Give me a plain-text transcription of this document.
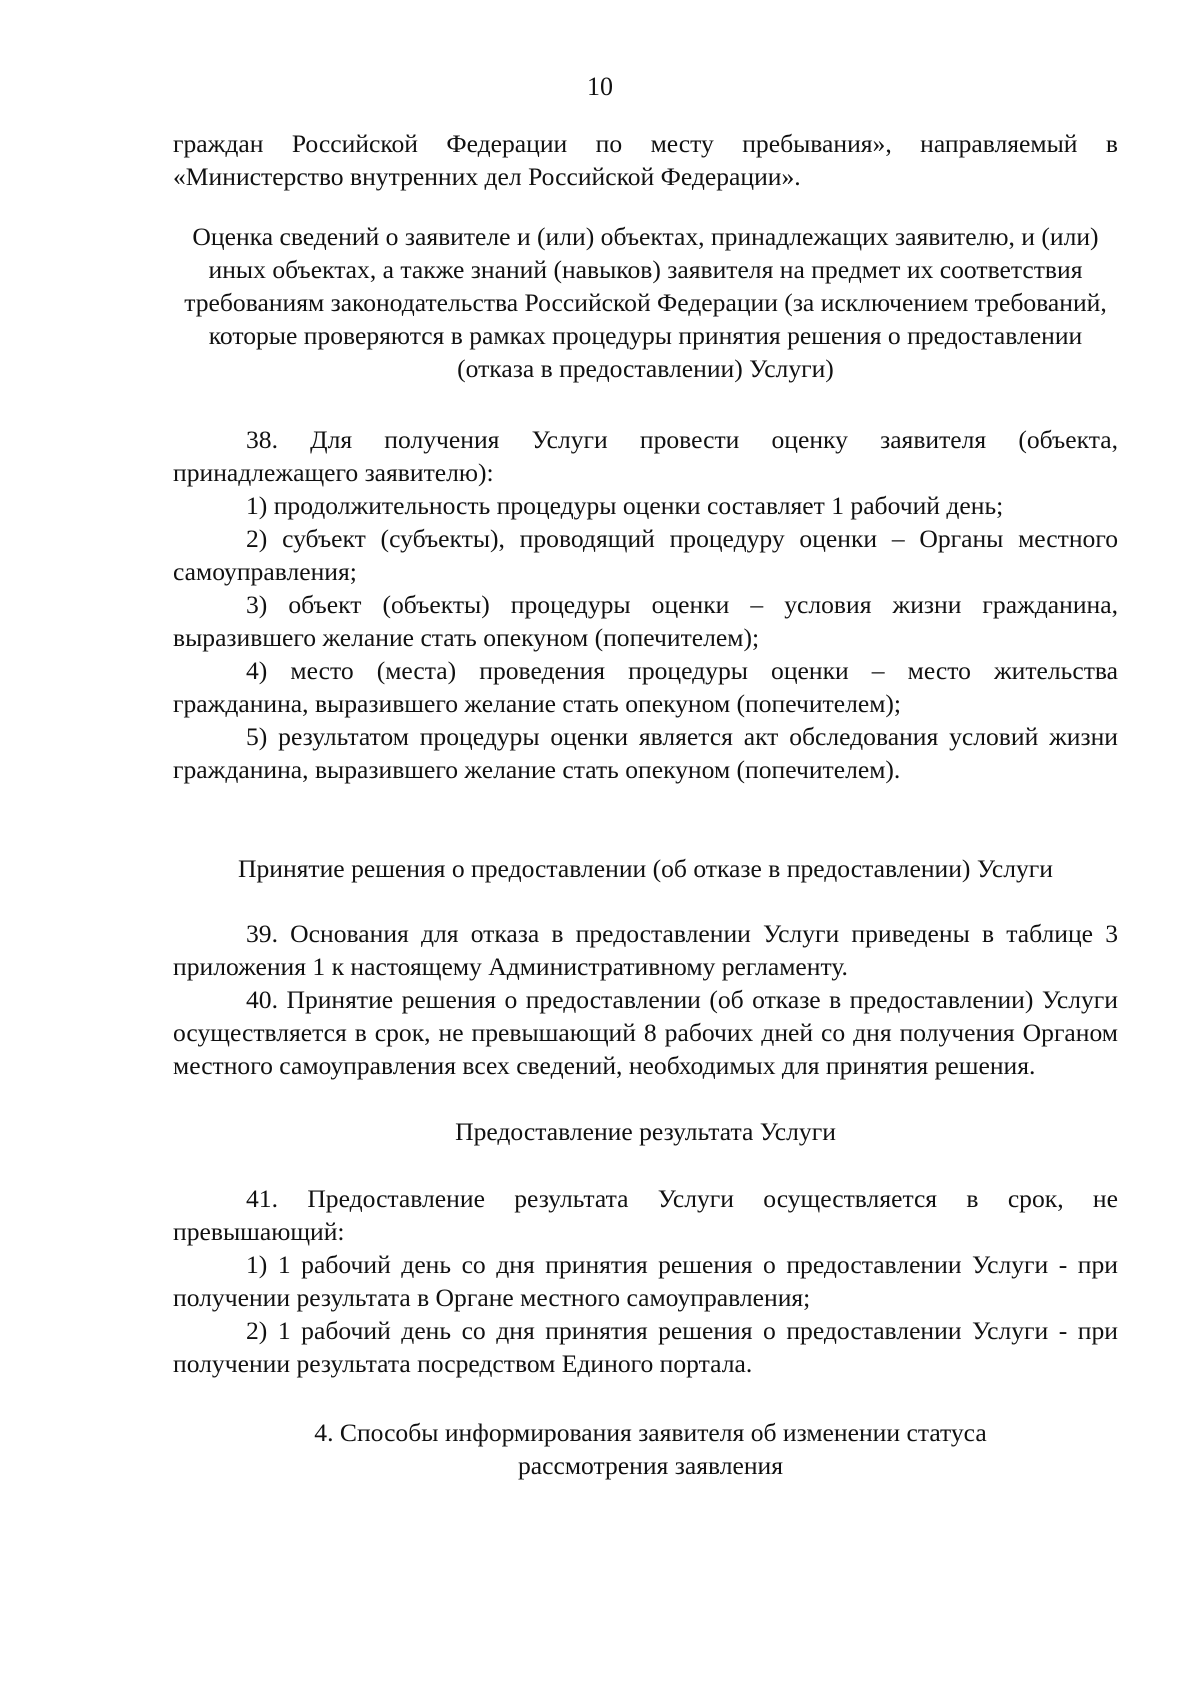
10

граждан Российской Федерации по месту пребывания», направляемый в «Министерство внутренних дел Российской Федерации».

Оценка сведений о заявителе и (или) объектах, принадлежащих заявителю, и (или) иных объектах, а также знаний (навыков) заявителя на предмет их соответствия требованиям законодательства Российской Федерации (за исключением требований, которые проверяются в рамках процедуры принятия решения о предоставлении (отказа в предоставлении) Услуги)

38. Для получения Услуги провести оценку заявителя (объекта, принадлежащего заявителю):

1) продолжительность процедуры оценки составляет 1 рабочий день;

2) субъект (субъекты), проводящий процедуру оценки – Органы местного самоуправления;

3) объект (объекты) процедуры оценки – условия жизни гражданина, выразившего желание стать опекуном (попечителем);

4) место (места) проведения процедуры оценки – место жительства гражданина, выразившего желание стать опекуном (попечителем);

5) результатом процедуры оценки является акт обследования условий жизни гражданина, выразившего желание стать опекуном (попечителем).

Принятие решения о предоставлении (об отказе в предоставлении) Услуги

39. Основания для отказа в предоставлении Услуги приведены в таблице 3 приложения 1 к настоящему Административному регламенту.

40. Принятие решения о предоставлении (об отказе в предоставлении) Услуги осуществляется в срок, не превышающий 8 рабочих дней со дня получения Органом местного самоуправления всех сведений, необходимых для принятия решения.

Предоставление результата Услуги

41. Предоставление результата Услуги осуществляется в срок, не превышающий:

1) 1 рабочий день со дня принятия решения о предоставлении Услуги - при получении результата в Органе местного самоуправления;

2) 1 рабочий день со дня принятия решения о предоставлении Услуги - при получении результата посредством Единого портала.

4. Способы информирования заявителя об изменении статуса

рассмотрения заявления
